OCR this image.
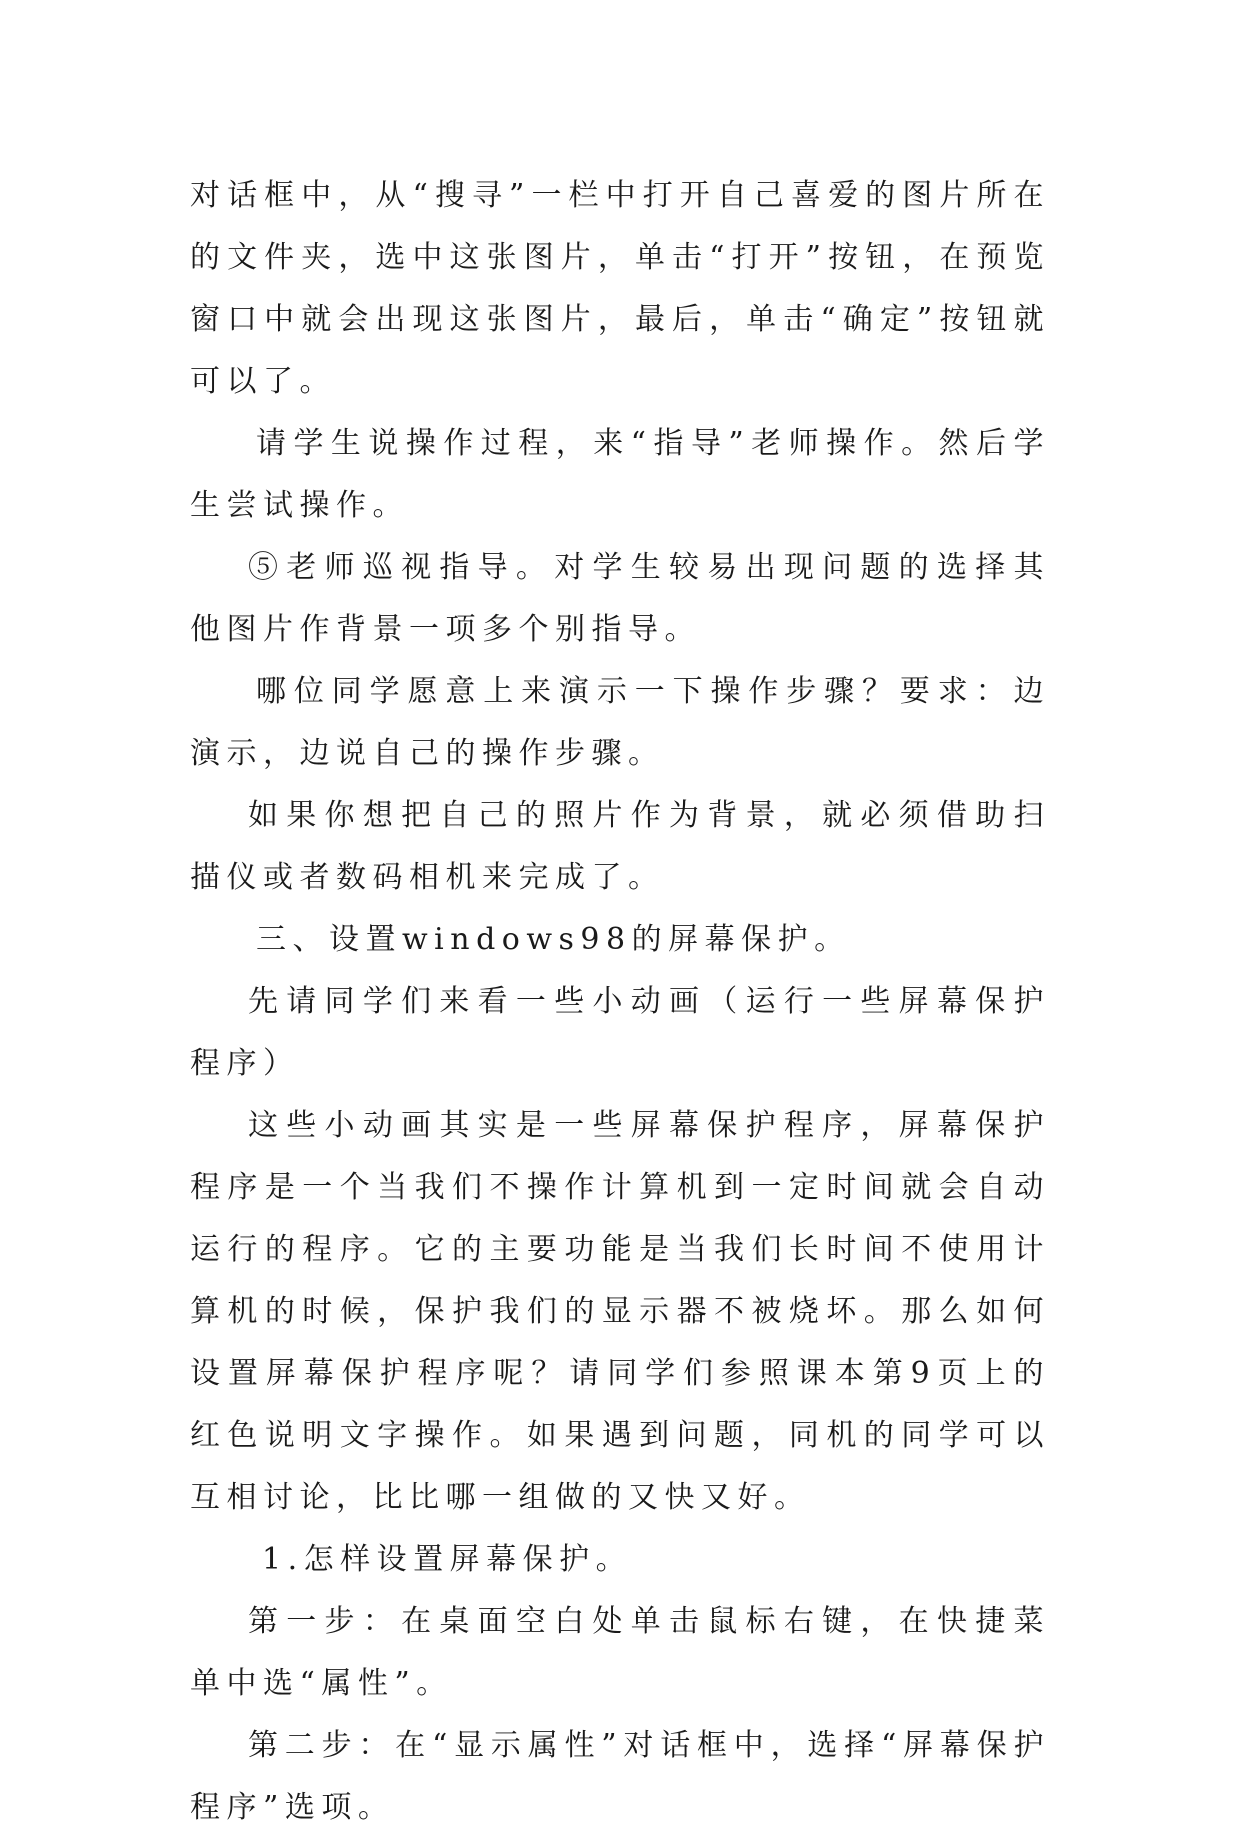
对话框中，从“搜寻”一栏中打开自己喜爱的图片所在的文件夹，选中这张图片，单击“打开”按钮，在预览窗口中就会出现这张图片，最后，单击“确定”按钮就可以了。

请学生说操作过程，来“指导”老师操作。然后学生尝试操作。

⑤老师巡视指导。对学生较易出现问题的选择其他图片作背景一项多个别指导。

哪位同学愿意上来演示一下操作步骤？要求：边演示，边说自己的操作步骤。

如果你想把自己的照片作为背景，就必须借助扫描仪或者数码相机来完成了。

三、设置windows98的屏幕保护。

先请同学们来看一些小动画（运行一些屏幕保护程序）

这些小动画其实是一些屏幕保护程序，屏幕保护程序是一个当我们不操作计算机到一定时间就会自动运行的程序。它的主要功能是当我们长时间不使用计算机的时候，保护我们的显示器不被烧坏。那么如何设置屏幕保护程序呢？请同学们参照课本第9页上的红色说明文字操作。如果遇到问题，同机的同学可以互相讨论，比比哪一组做的又快又好。

1.怎样设置屏幕保护。

第一步：在桌面空白处单击鼠标右键，在快捷菜单中选“属性”。

第二步：在“显示属性”对话框中，选择“屏幕保护程序”选项。
